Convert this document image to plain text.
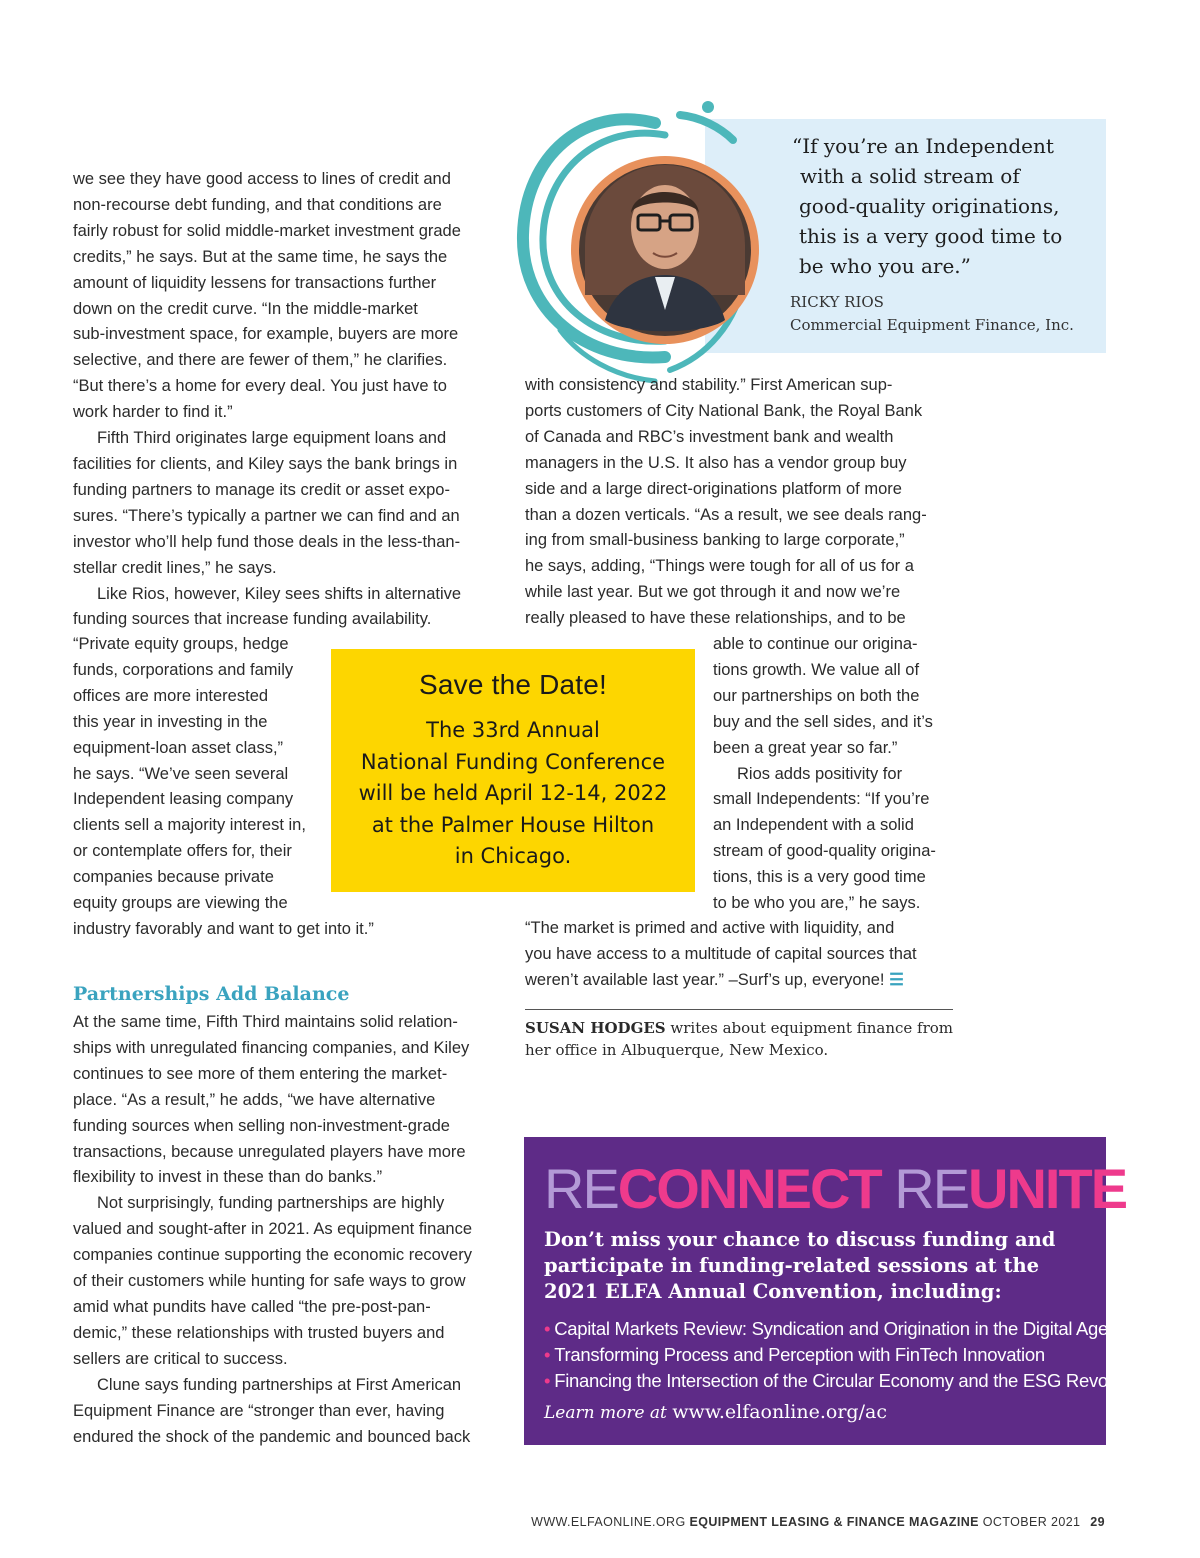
we see they have good access to lines of credit and
non-recourse debt funding, and that conditions are
fairly robust for solid middle-market investment grade
credits,” he says. But at the same time, he says the
amount of liquidity lessens for transactions further
down on the credit curve. “In the middle-market
sub-investment space, for example, buyers are more
selective, and there are fewer of them,” he clarifies.
“But there’s a home for every deal. You just have to
work harder to find it.”
Fifth Third originates large equipment loans and
facilities for clients, and Kiley says the bank brings in
funding partners to manage its credit or asset expo-
sures. “There’s typically a partner we can find and an
investor who’ll help fund those deals in the less-than-
stellar credit lines,” he says.
Like Rios, however, Kiley sees shifts in alternative
funding sources that increase funding availability.
“Private equity groups, hedge
funds, corporations and family
offices are more interested
this year in investing in the
equipment-loan asset class,”
he says. “We’ve seen several
Independent leasing company
clients sell a majority interest in,
or contemplate offers for, their
companies because private
equity groups are viewing the
industry favorably and want to get into it.”
Partnerships Add Balance
At the same time, Fifth Third maintains solid relation-
ships with unregulated financing companies, and Kiley
continues to see more of them entering the market-
place. “As a result,” he adds, “we have alternative
funding sources when selling non-investment-grade
transactions, because unregulated players have more
flexibility to invest in these than do banks.”
Not surprisingly, funding partnerships are highly
valued and sought-after in 2021. As equipment finance
companies continue supporting the economic recovery
of their customers while hunting for safe ways to grow
amid what pundits have called “the pre-post-pan-
demic,” these relationships with trusted buyers and
sellers are critical to success.
Clune says funding partnerships at First American
Equipment Finance are “stronger than ever, having
endured the shock of the pandemic and bounced back
“If you’re an Independent
with a solid stream of
good-quality originations,
this is a very good time to
be who you are.”
RICKY RIOS
Commercial Equipment Finance, Inc.
with consistency and stability.” First American sup-
ports customers of City National Bank, the Royal Bank
of Canada and RBC’s investment bank and wealth
managers in the U.S. It also has a vendor group buy
side and a large direct-originations platform of more
than a dozen verticals. “As a result, we see deals rang-
ing from small-business banking to large corporate,”
he says, adding, “Things were tough for all of us for a
while last year. But we got through it and now we’re
really pleased to have these relationships, and to be
able to continue our origina-
tions growth. We value all of
our partnerships on both the
buy and the sell sides, and it’s
been a great year so far.”
Rios adds positivity for
small Independents: “If you’re
an Independent with a solid
stream of good-quality origina-
tions, this is a very good time
to be who you are,” he says.
“The market is primed and active with liquidity, and
you have access to a multitude of capital sources that
weren’t available last year.” –Surf’s up, everyone! ☰
Save the Date!
The 33rd Annual
National Funding Conference
will be held April 12-14, 2022
at the Palmer House Hilton
in Chicago.

SUSAN HODGES writes about equipment finance from her office in Albuquerque, New Mexico.

RECONNECT REUNITE
Don’t miss your chance to discuss funding and participate in funding-related sessions at the 2021 ELFA Annual Convention, including:
• Capital Markets Review: Syndication and Origination in the Digital Age
• Transforming Process and Perception with FinTech Innovation
• Financing the Intersection of the Circular Economy and the ESG Revolution
Learn more at www.elfaonline.org/ac
WWW.ELFAONLINE.ORG EQUIPMENT LEASING & FINANCE MAGAZINE OCTOBER 2021 29
